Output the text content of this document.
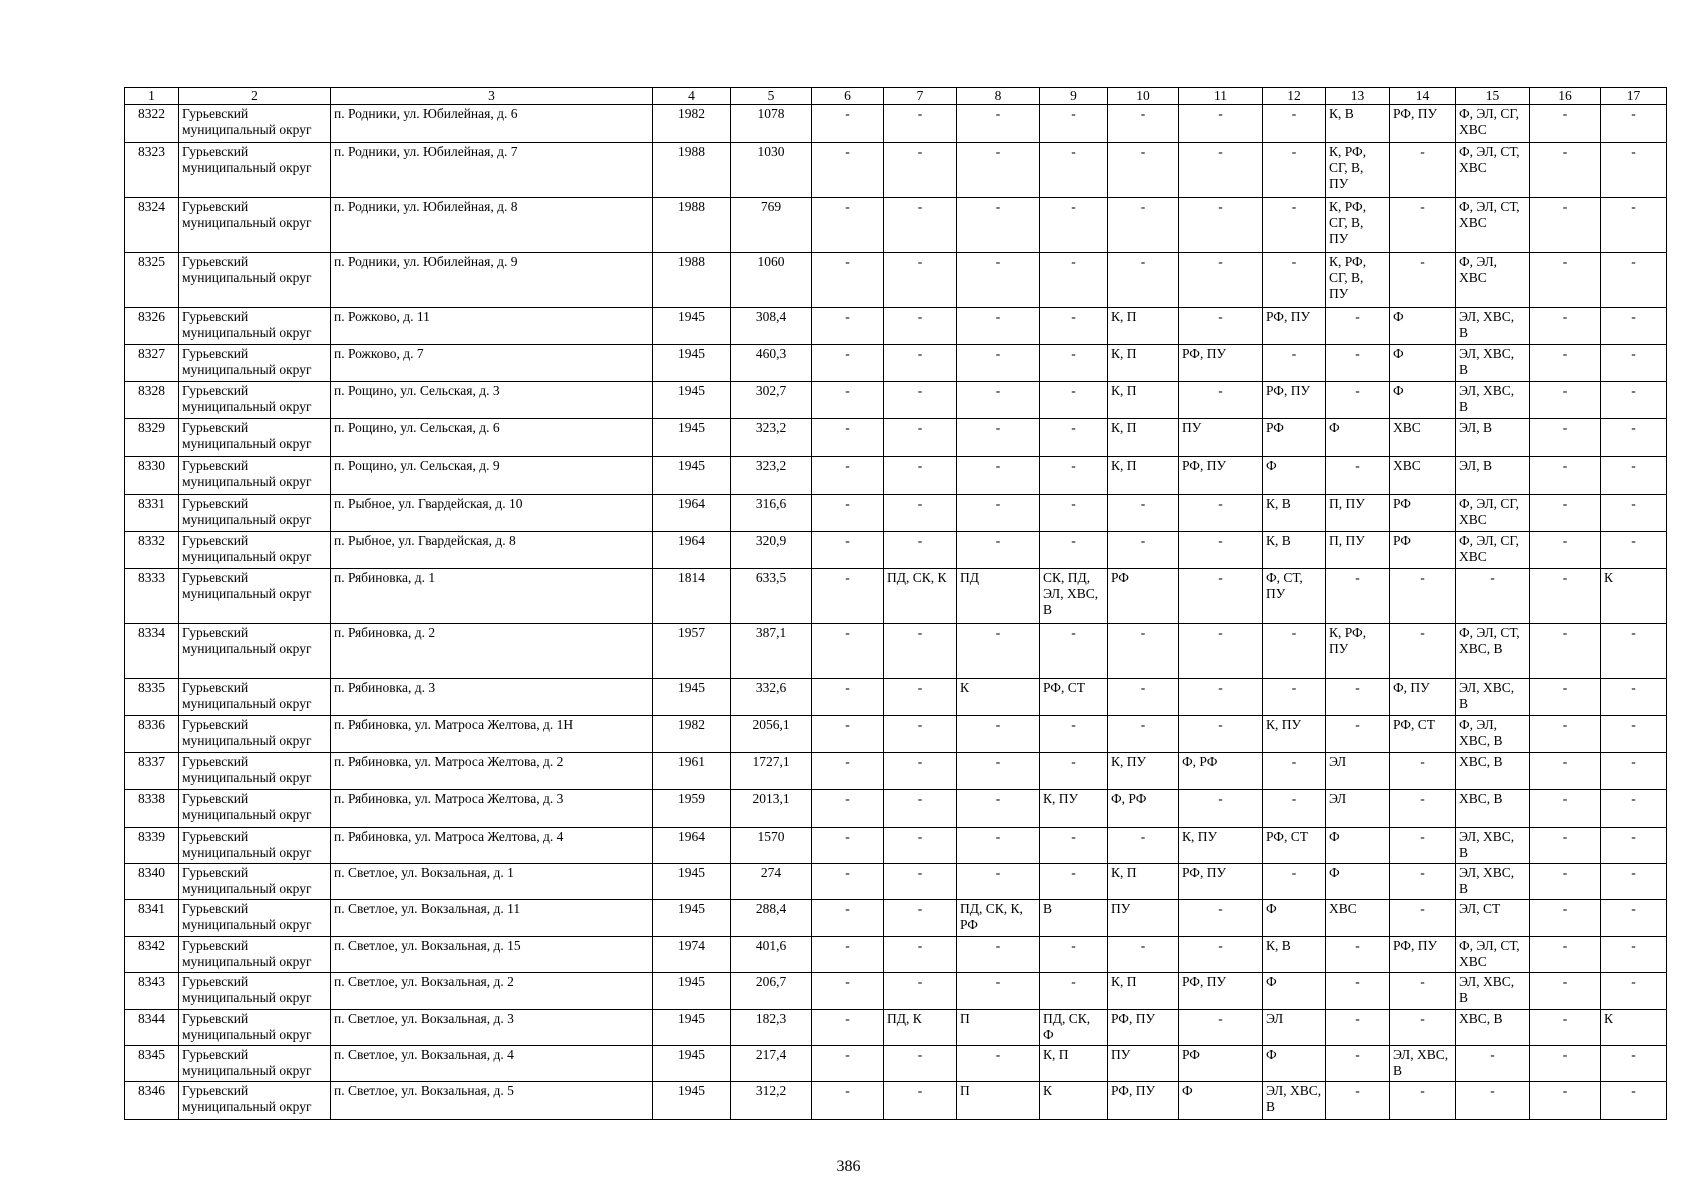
1	2	3	4	5	6	7	8	9	10	11	12	13	14	15	16	17
8322	Гурьевский муниципальный округ	п. Родники, ул. Юбилейная, д. 6	1982	1078	-	-	-	-	-	-	-	К, В	РФ, ПУ	Ф, ЭЛ, СГ, ХВС	-	-
8323	Гурьевский муниципальный округ	п. Родники, ул. Юбилейная, д. 7	1988	1030	-	-	-	-	-	-	-	К, РФ, СГ, В, ПУ	-	Ф, ЭЛ, СТ, ХВС	-	-
8324	Гурьевский муниципальный округ	п. Родники, ул. Юбилейная, д. 8	1988	769	-	-	-	-	-	-	-	К, РФ, СГ, В, ПУ	-	Ф, ЭЛ, СТ, ХВС	-	-
8325	Гурьевский муниципальный округ	п. Родники, ул. Юбилейная, д. 9	1988	1060	-	-	-	-	-	-	-	К, РФ, СГ, В, ПУ	-	Ф, ЭЛ, ХВС	-	-
8326	Гурьевский муниципальный округ	п. Рожково, д. 11	1945	308,4	-	-	-	-	К, П	-	РФ, ПУ	-	Ф	ЭЛ, ХВС, В	-	-
8327	Гурьевский муниципальный округ	п. Рожково, д. 7	1945	460,3	-	-	-	-	К, П	РФ, ПУ	-	-	Ф	ЭЛ, ХВС, В	-	-
8328	Гурьевский муниципальный округ	п. Рощино, ул. Сельская, д. 3	1945	302,7	-	-	-	-	К, П	-	РФ, ПУ	-	Ф	ЭЛ, ХВС, В	-	-
8329	Гурьевский муниципальный округ	п. Рощино, ул. Сельская, д. 6	1945	323,2	-	-	-	-	К, П	ПУ	РФ	Ф	ХВС	ЭЛ, В	-	-
8330	Гурьевский муниципальный округ	п. Рощино, ул. Сельская, д. 9	1945	323,2	-	-	-	-	К, П	РФ, ПУ	Ф	-	ХВС	ЭЛ, В	-	-
8331	Гурьевский муниципальный округ	п. Рыбное, ул. Гвардейская, д. 10	1964	316,6	-	-	-	-	-	-	К, В	П, ПУ	РФ	Ф, ЭЛ, СГ, ХВС	-	-
8332	Гурьевский муниципальный округ	п. Рыбное, ул. Гвардейская, д. 8	1964	320,9	-	-	-	-	-	-	К, В	П, ПУ	РФ	Ф, ЭЛ, СГ, ХВС	-	-
8333	Гурьевский муниципальный округ	п. Рябиновка, д. 1	1814	633,5	-	ПД, СК, К	ПД	СК, ПД, ЭЛ, ХВС, В	РФ	-	Ф, СТ, ПУ	-	-	-	-	К
8334	Гурьевский муниципальный округ	п. Рябиновка, д. 2	1957	387,1	-	-	-	-	-	-	-	К, РФ, ПУ	-	Ф, ЭЛ, СТ, ХВС, В	-	-
8335	Гурьевский муниципальный округ	п. Рябиновка, д. 3	1945	332,6	-	-	К	РФ, СТ	-	-	-	-	Ф, ПУ	ЭЛ, ХВС, В	-	-
8336	Гурьевский муниципальный округ	п. Рябиновка, ул. Матроса Желтова, д. 1Н	1982	2056,1	-	-	-	-	-	-	К, ПУ	-	РФ, СТ	Ф, ЭЛ, ХВС, В	-	-
8337	Гурьевский муниципальный округ	п. Рябиновка, ул. Матроса Желтова, д. 2	1961	1727,1	-	-	-	-	К, ПУ	Ф, РФ	-	ЭЛ	-	ХВС, В	-	-
8338	Гурьевский муниципальный округ	п. Рябиновка, ул. Матроса Желтова, д. 3	1959	2013,1	-	-	-	К, ПУ	Ф, РФ	-	-	ЭЛ	-	ХВС, В	-	-
8339	Гурьевский муниципальный округ	п. Рябиновка, ул. Матроса Желтова, д. 4	1964	1570	-	-	-	-	-	К, ПУ	РФ, СТ	Ф	-	ЭЛ, ХВС, В	-	-
8340	Гурьевский муниципальный округ	п. Светлое, ул. Вокзальная, д. 1	1945	274	-	-	-	-	К, П	РФ, ПУ	-	Ф	-	ЭЛ, ХВС, В	-	-
8341	Гурьевский муниципальный округ	п. Светлое, ул. Вокзальная, д. 11	1945	288,4	-	-	ПД, СК, К, РФ	В	ПУ	-	Ф	ХВС	-	ЭЛ, СТ	-	-
8342	Гурьевский муниципальный округ	п. Светлое, ул. Вокзальная, д. 15	1974	401,6	-	-	-	-	-	-	К, В	-	РФ, ПУ	Ф, ЭЛ, СТ, ХВС	-	-
8343	Гурьевский муниципальный округ	п. Светлое, ул. Вокзальная, д. 2	1945	206,7	-	-	-	-	К, П	РФ, ПУ	Ф	-	-	ЭЛ, ХВС, В	-	-
8344	Гурьевский муниципальный округ	п. Светлое, ул. Вокзальная, д. 3	1945	182,3	-	ПД, К	П	ПД, СК, Ф	РФ, ПУ	-	ЭЛ	-	-	ХВС, В	-	К
8345	Гурьевский муниципальный округ	п. Светлое, ул. Вокзальная, д. 4	1945	217,4	-	-	-	К, П	ПУ	РФ	Ф	-	ЭЛ, ХВС, В	-	-	-
8346	Гурьевский муниципальный округ	п. Светлое, ул. Вокзальная, д. 5	1945	312,2	-	-	П	К	РФ, ПУ	Ф	ЭЛ, ХВС, В	-	-	-	-	-
386
